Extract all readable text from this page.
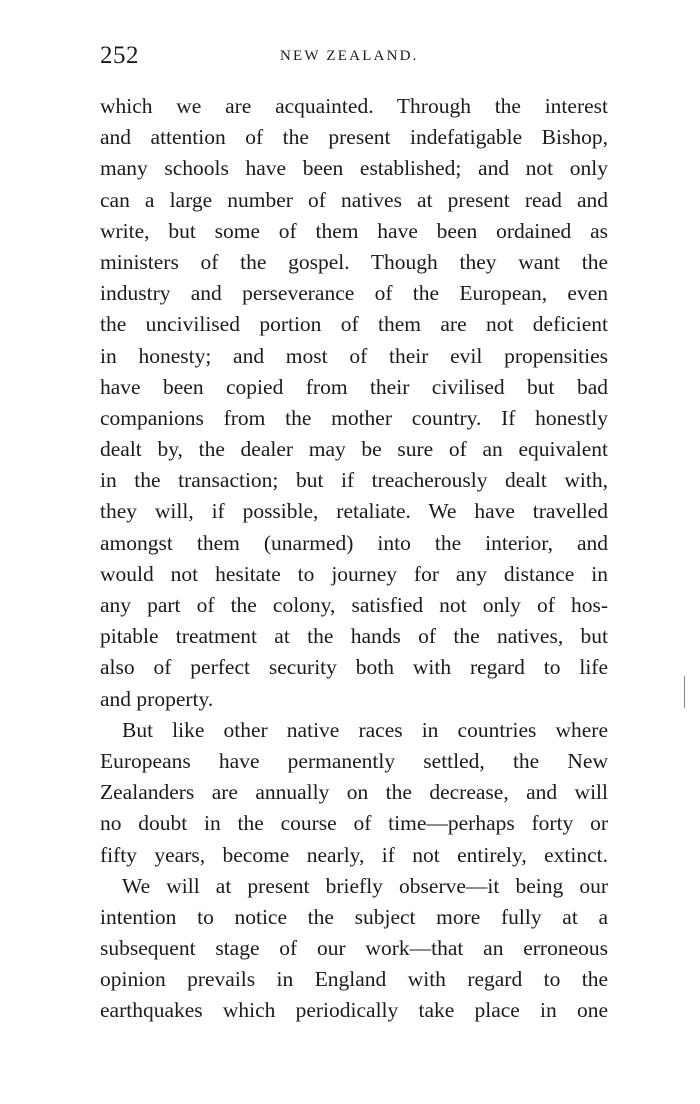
252	NEW ZEALAND.
which we are acquainted. Through the interest
and attention of the present indefatigable Bishop,
many schools have been established; and not only
can a large number of natives at present read and
write, but some of them have been ordained as
ministers of the gospel. Though they want the
industry and perseverance of the European, even
the uncivilised portion of them are not deficient
in honesty; and most of their evil propensities
have been copied from their civilised but bad
companions from the mother country. If honestly
dealt by, the dealer may be sure of an equivalent
in the transaction; but if treacherously dealt with,
they will, if possible, retaliate. We have travelled
amongst them (unarmed) into the interior, and
would not hesitate to journey for any distance in
any part of the colony, satisfied not only of hos-
pitable treatment at the hands of the natives, but
also of perfect security both with regard to life
and property.
But like other native races in countries where
Europeans have permanently settled, the New
Zealanders are annually on the decrease, and will
no doubt in the course of time—perhaps forty or
fifty years, become nearly, if not entirely, extinct.
We will at present briefly observe—it being our
intention to notice the subject more fully at a
subsequent stage of our work—that an erroneous
opinion prevails in England with regard to the
earthquakes which periodically take place in one
